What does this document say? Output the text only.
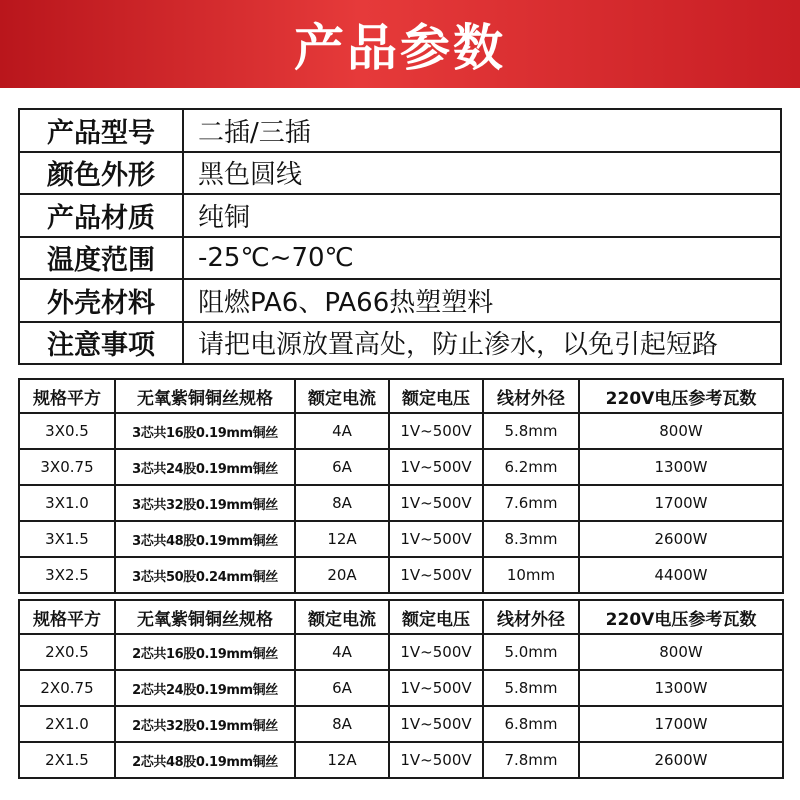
产品参数
产品型号	二插/三插
颜色外形	黑色圆线
产品材质	纯铜
温度范围	-25℃~70℃
外壳材料	阻燃PA6、PA66热塑塑料
注意事项	请把电源放置高处，防止渗水，以免引起短路
规格平方	无氧紫铜铜丝规格	额定电流	额定电压	线材外径	220V电压参考瓦数
3X0.5	3芯共16股0.19mm铜丝	4A	1V~500V	5.8mm	800W
3X0.75	3芯共24股0.19mm铜丝	6A	1V~500V	6.2mm	1300W
3X1.0	3芯共32股0.19mm铜丝	8A	1V~500V	7.6mm	1700W
3X1.5	3芯共48股0.19mm铜丝	12A	1V~500V	8.3mm	2600W
3X2.5	3芯共50股0.24mm铜丝	20A	1V~500V	10mm	4400W
规格平方	无氧紫铜铜丝规格	额定电流	额定电压	线材外径	220V电压参考瓦数
2X0.5	2芯共16股0.19mm铜丝	4A	1V~500V	5.0mm	800W
2X0.75	2芯共24股0.19mm铜丝	6A	1V~500V	5.8mm	1300W
2X1.0	2芯共32股0.19mm铜丝	8A	1V~500V	6.8mm	1700W
2X1.5	2芯共48股0.19mm铜丝	12A	1V~500V	7.8mm	2600W
